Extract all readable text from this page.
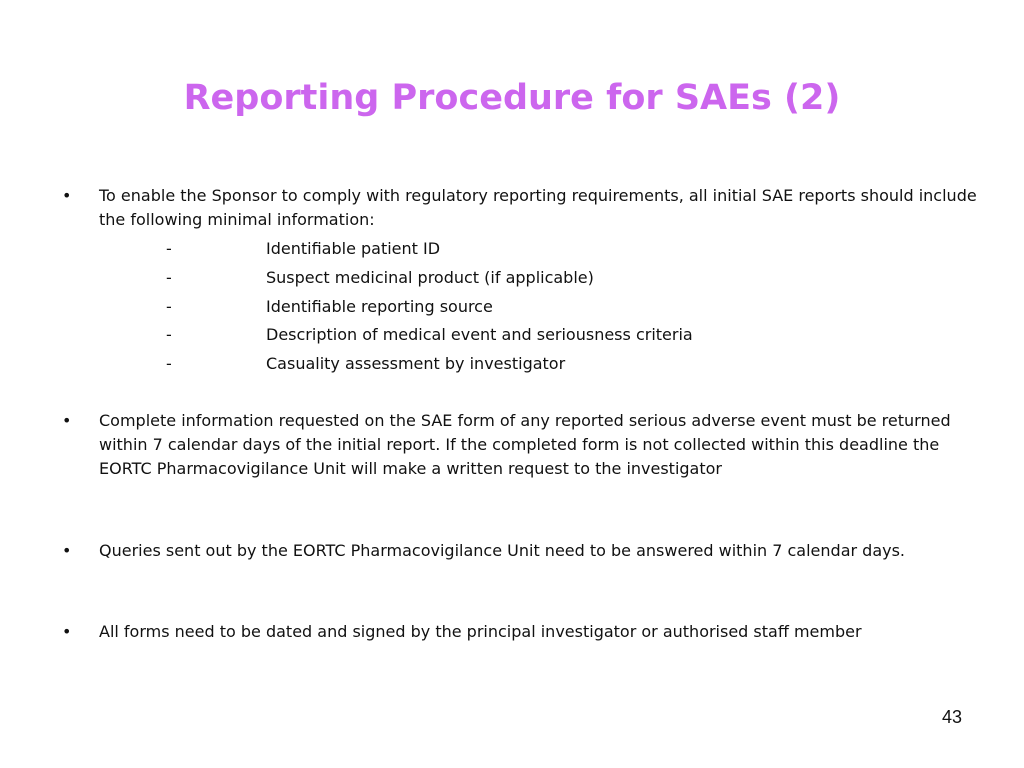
Reporting Procedure for SAEs (2)
•	To enable the Sponsor to comply with regulatory reporting requirements, all initial SAE reports should include the following minimal information:
-	Identifiable patient ID
-	Suspect medicinal product (if applicable)
-	Identifiable reporting source
-	Description of medical event and seriousness criteria
-	Casuality assessment by investigator
•	Complete information requested on the SAE form of any reported serious adverse event must be returned within 7 calendar days of the initial report. If the completed form is not collected within this deadline the EORTC Pharmacovigilance Unit will make a written request to the investigator
•	Queries sent out by the EORTC Pharmacovigilance Unit need to be answered within 7 calendar days.
•	All forms need to be dated and signed by the principal investigator or authorised staff member
43
